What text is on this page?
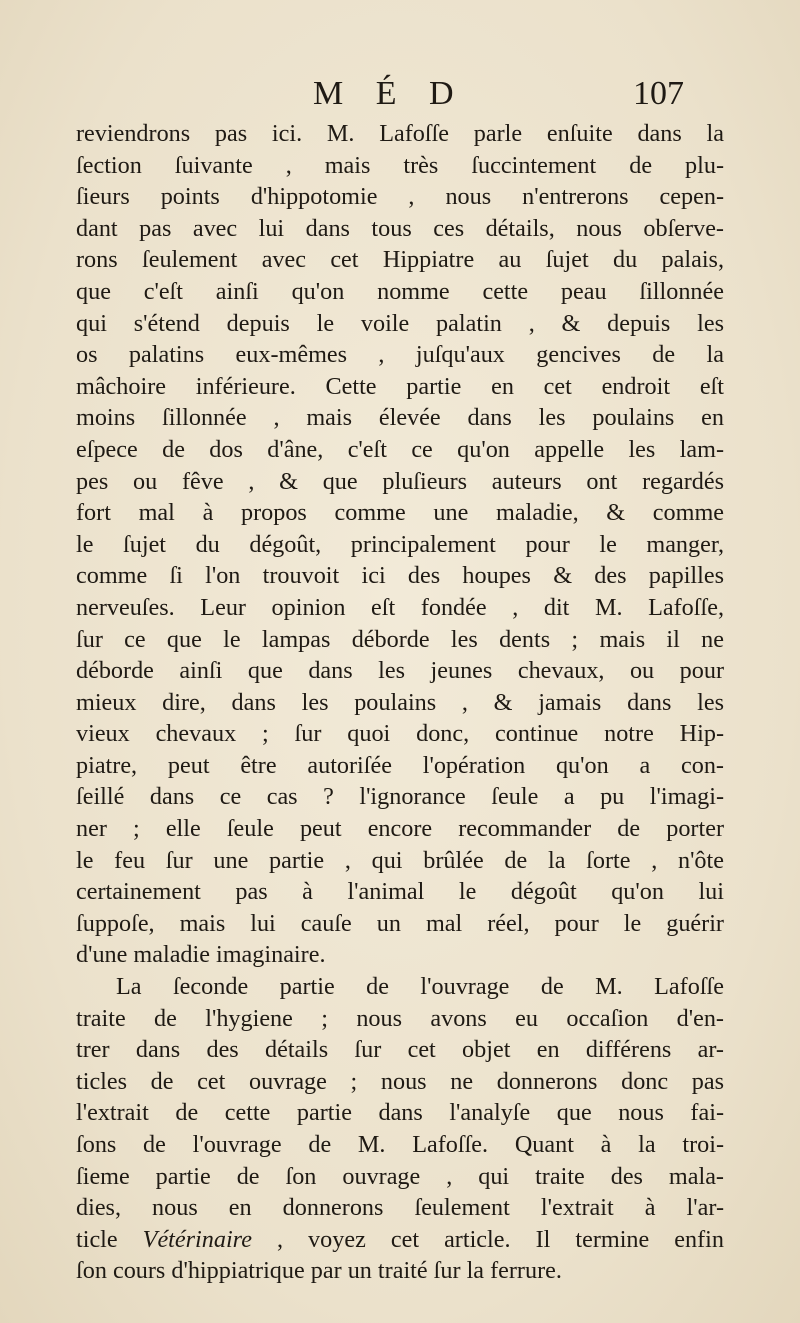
M É D	107
reviendrons pas ici. M. Lafoſſe parle enſuite dans la
ſection ſuivante , mais très ſuccintement de plu-
ſieurs points d'hippotomie , nous n'entrerons cepen-
dant pas avec lui dans tous ces détails, nous obſerve-
rons ſeulement avec cet Hippiatre au ſujet du palais,
que c'eſt ainſi qu'on nomme cette peau ſillonnée
qui s'étend depuis le voile palatin , & depuis les
os palatins eux-mêmes , juſqu'aux gencives de la
mâchoire inférieure. Cette partie en cet endroit eſt
moins ſillonnée , mais élevée dans les poulains en
eſpece de dos d'âne, c'eſt ce qu'on appelle les lam-
pes ou fêve , & que pluſieurs auteurs ont regardés
fort mal à propos comme une maladie, & comme
le ſujet du dégoût, principalement pour le manger,
comme ſi l'on trouvoit ici des houpes & des papilles
nerveuſes. Leur opinion eſt fondée , dit M. Lafoſſe,
ſur ce que le lampas déborde les dents ; mais il ne
déborde ainſi que dans les jeunes chevaux, ou pour
mieux dire, dans les poulains , & jamais dans les
vieux chevaux ; ſur quoi donc, continue notre Hip-
piatre, peut être autoriſée l'opération qu'on a con-
ſeillé dans ce cas ? l'ignorance ſeule a pu l'imagi-
ner ; elle ſeule peut encore recommander de porter
le feu ſur une partie , qui brûlée de la ſorte , n'ôte
certainement pas à l'animal le dégoût qu'on lui
ſuppoſe, mais lui cauſe un mal réel, pour le guérir
d'une maladie imaginaire.
La ſeconde partie de l'ouvrage de M. Lafoſſe
traite de l'hygiene ; nous avons eu occaſion d'en-
trer dans des détails ſur cet objet en différens ar-
ticles de cet ouvrage ; nous ne donnerons donc pas
l'extrait de cette partie dans l'analyſe que nous fai-
ſons de l'ouvrage de M. Lafoſſe. Quant à la troi-
ſieme partie de ſon ouvrage , qui traite des mala-
dies, nous en donnerons ſeulement l'extrait à l'ar-
ticle Vétérinaire , voyez cet article. Il termine enfin
ſon cours d'hippiatrique par un traité ſur la ferrure.
